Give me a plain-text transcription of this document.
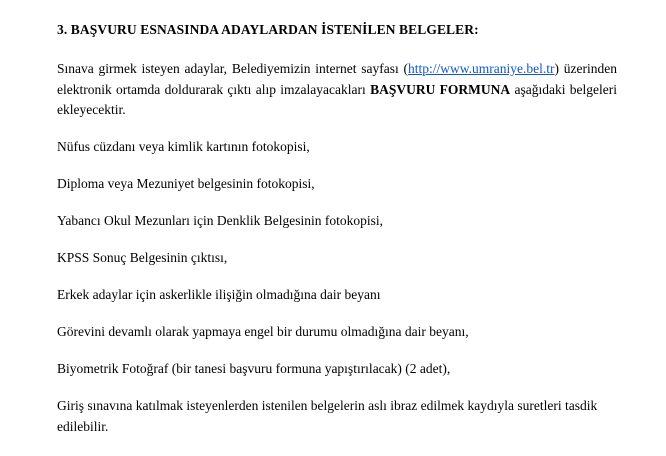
3. BAŞVURU ESNASINDA ADAYLARDAN İSTENİLEN BELGELER:

Sınava girmek isteyen adaylar, Belediyemizin internet sayfası (http://www.umraniye.bel.tr) üzerinden elektronik ortamda doldurarak çıktı alıp imzalayacakları BAŞVURU FORMUNA aşağıdaki belgeleri ekleyecektir.

Nüfus cüzdanı veya kimlik kartının fotokopisi,

Diploma veya Mezuniyet belgesinin fotokopisi,

Yabancı Okul Mezunları için Denklik Belgesinin fotokopisi,

KPSS Sonuç Belgesinin çıktısı,

Erkek adaylar için askerlikle ilişiğin olmadığına dair beyanı

Görevini devamlı olarak yapmaya engel bir durumu olmadığına dair beyanı,

Biyometrik Fotoğraf (bir tanesi başvuru formuna yapıştırılacak) (2 adet),

Giriş sınavına katılmak isteyenlerden istenilen belgelerin aslı ibraz edilmek kaydıyla suretleri tasdik edilebilir.
